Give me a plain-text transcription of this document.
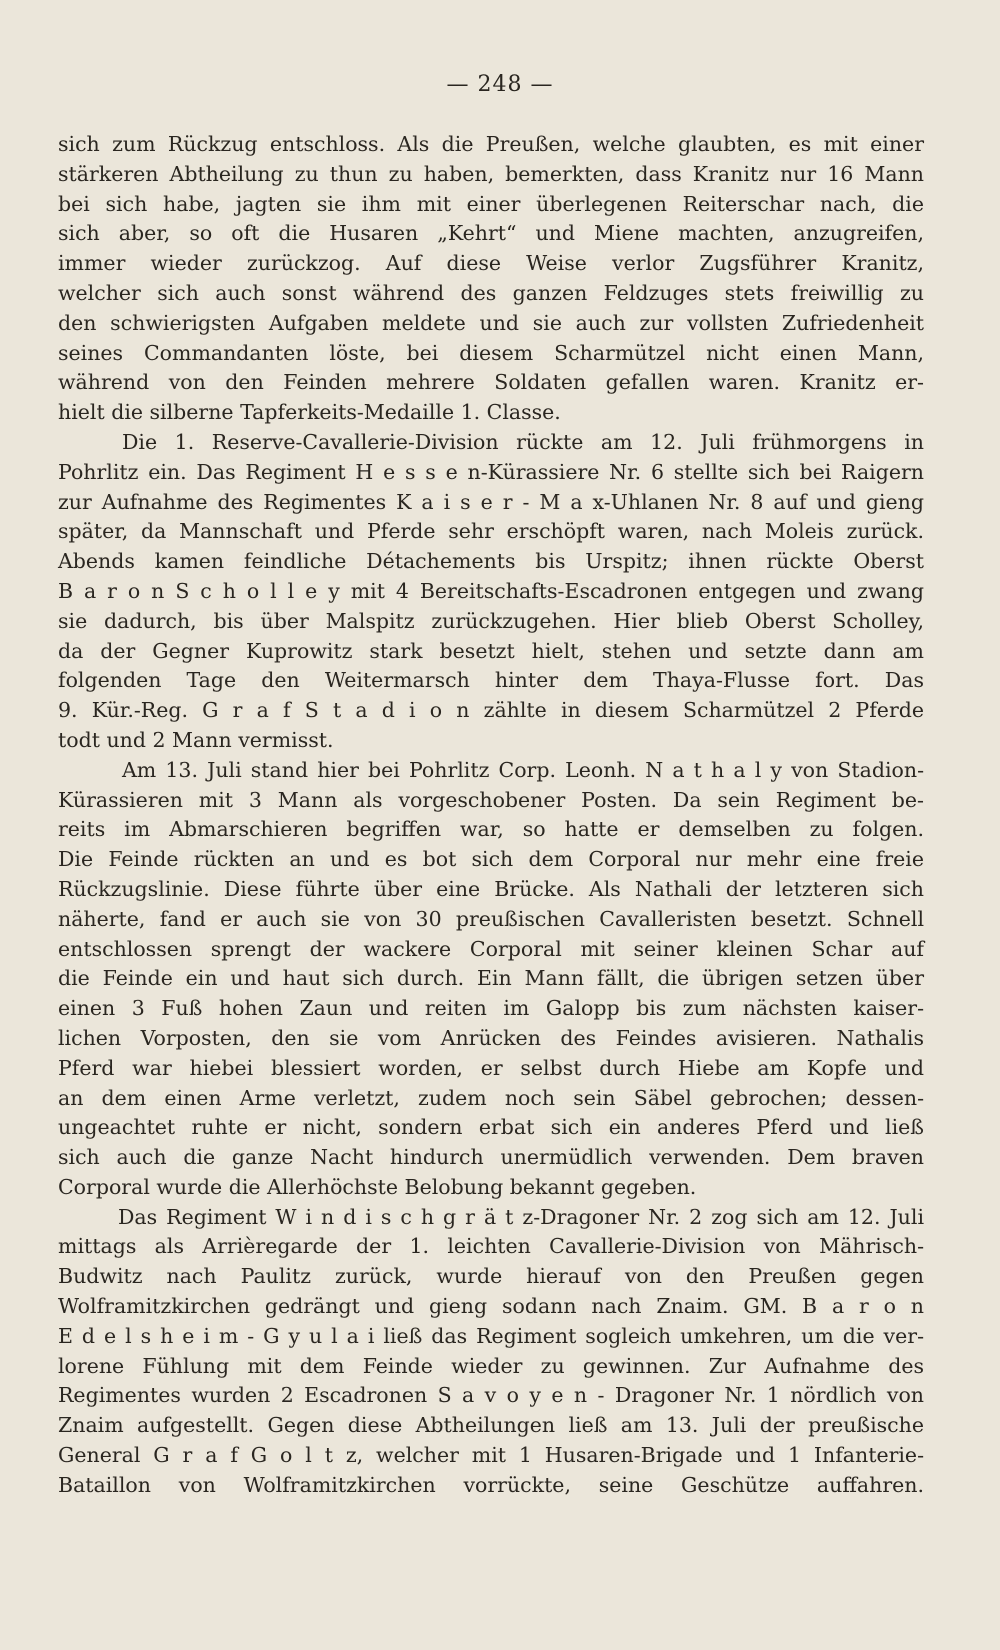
— 248 —
sich zum Rückzug entschloss. Als die Preußen, welche glaubten, es mit einer
stärkeren Abtheilung zu thun zu haben, bemerkten, dass Kranitz nur 16 Mann
bei sich habe, jagten sie ihm mit einer überlegenen Reiterschar nach, die
sich aber, so oft die Husaren „Kehrt“ und Miene machten, anzugreifen,
immer wieder zurückzog. Auf diese Weise verlor Zugsführer Kranitz,
welcher sich auch sonst während des ganzen Feldzuges stets freiwillig zu
den schwierigsten Aufgaben meldete und sie auch zur vollsten Zufriedenheit
seines Commandanten löste, bei diesem Scharmützel nicht einen Mann,
während von den Feinden mehrere Soldaten gefallen waren. Kranitz er-
hielt die silberne Tapferkeits-Medaille 1. Classe.
Die 1. Reserve-Cavallerie-Division rückte am 12. Juli frühmorgens in
Pohrlitz ein. Das Regiment H e s s e n-Kürassiere Nr. 6 stellte sich bei Raigern
zur Aufnahme des Regimentes K a i s e r - M a x-Uhlanen Nr. 8 auf und gieng
später, da Mannschaft und Pferde sehr erschöpft waren, nach Moleis zurück.
Abends kamen feindliche Détachements bis Urspitz; ihnen rückte Oberst
B a r o n S c h o l l e y mit 4 Bereitschafts-Escadronen entgegen und zwang
sie dadurch, bis über Malspitz zurückzugehen. Hier blieb Oberst Scholley,
da der Gegner Kuprowitz stark besetzt hielt, stehen und setzte dann am
folgenden Tage den Weitermarsch hinter dem Thaya-Flusse fort. Das
9. Kür.-Reg. G r a f S t a d i o n zählte in diesem Scharmützel 2 Pferde
todt und 2 Mann vermisst.
Am 13. Juli stand hier bei Pohrlitz Corp. Leonh. N a t h a l y von Stadion-
Kürassieren mit 3 Mann als vorgeschobener Posten. Da sein Regiment be-
reits im Abmarschieren begriffen war, so hatte er demselben zu folgen.
Die Feinde rückten an und es bot sich dem Corporal nur mehr eine freie
Rückzugslinie. Diese führte über eine Brücke. Als Nathali der letzteren sich
näherte, fand er auch sie von 30 preußischen Cavalleristen besetzt. Schnell
entschlossen sprengt der wackere Corporal mit seiner kleinen Schar auf
die Feinde ein und haut sich durch. Ein Mann fällt, die übrigen setzen über
einen 3 Fuß hohen Zaun und reiten im Galopp bis zum nächsten kaiser-
lichen Vorposten, den sie vom Anrücken des Feindes avisieren. Nathalis
Pferd war hiebei blessiert worden, er selbst durch Hiebe am Kopfe und
an dem einen Arme verletzt, zudem noch sein Säbel gebrochen; dessen-
ungeachtet ruhte er nicht, sondern erbat sich ein anderes Pferd und ließ
sich auch die ganze Nacht hindurch unermüdlich verwenden. Dem braven
Corporal wurde die Allerhöchste Belobung bekannt gegeben.
Das Regiment W i n d i s c h g r ä t z-Dragoner Nr. 2 zog sich am 12. Juli
mittags als Arrièregarde der 1. leichten Cavallerie-Division von Mährisch-
Budwitz nach Paulitz zurück, wurde hierauf von den Preußen gegen
Wolframitzkirchen gedrängt und gieng sodann nach Znaim. GM. B a r o n
E d e l s h e i m - G y u l a i ließ das Regiment sogleich umkehren, um die ver-
lorene Fühlung mit dem Feinde wieder zu gewinnen. Zur Aufnahme des
Regimentes wurden 2 Escadronen S a v o y e n - Dragoner Nr. 1 nördlich von
Znaim aufgestellt. Gegen diese Abtheilungen ließ am 13. Juli der preußische
General G r a f G o l t z, welcher mit 1 Husaren-Brigade und 1 Infanterie-
Bataillon von Wolframitzkirchen vorrückte, seine Geschütze auffahren.
